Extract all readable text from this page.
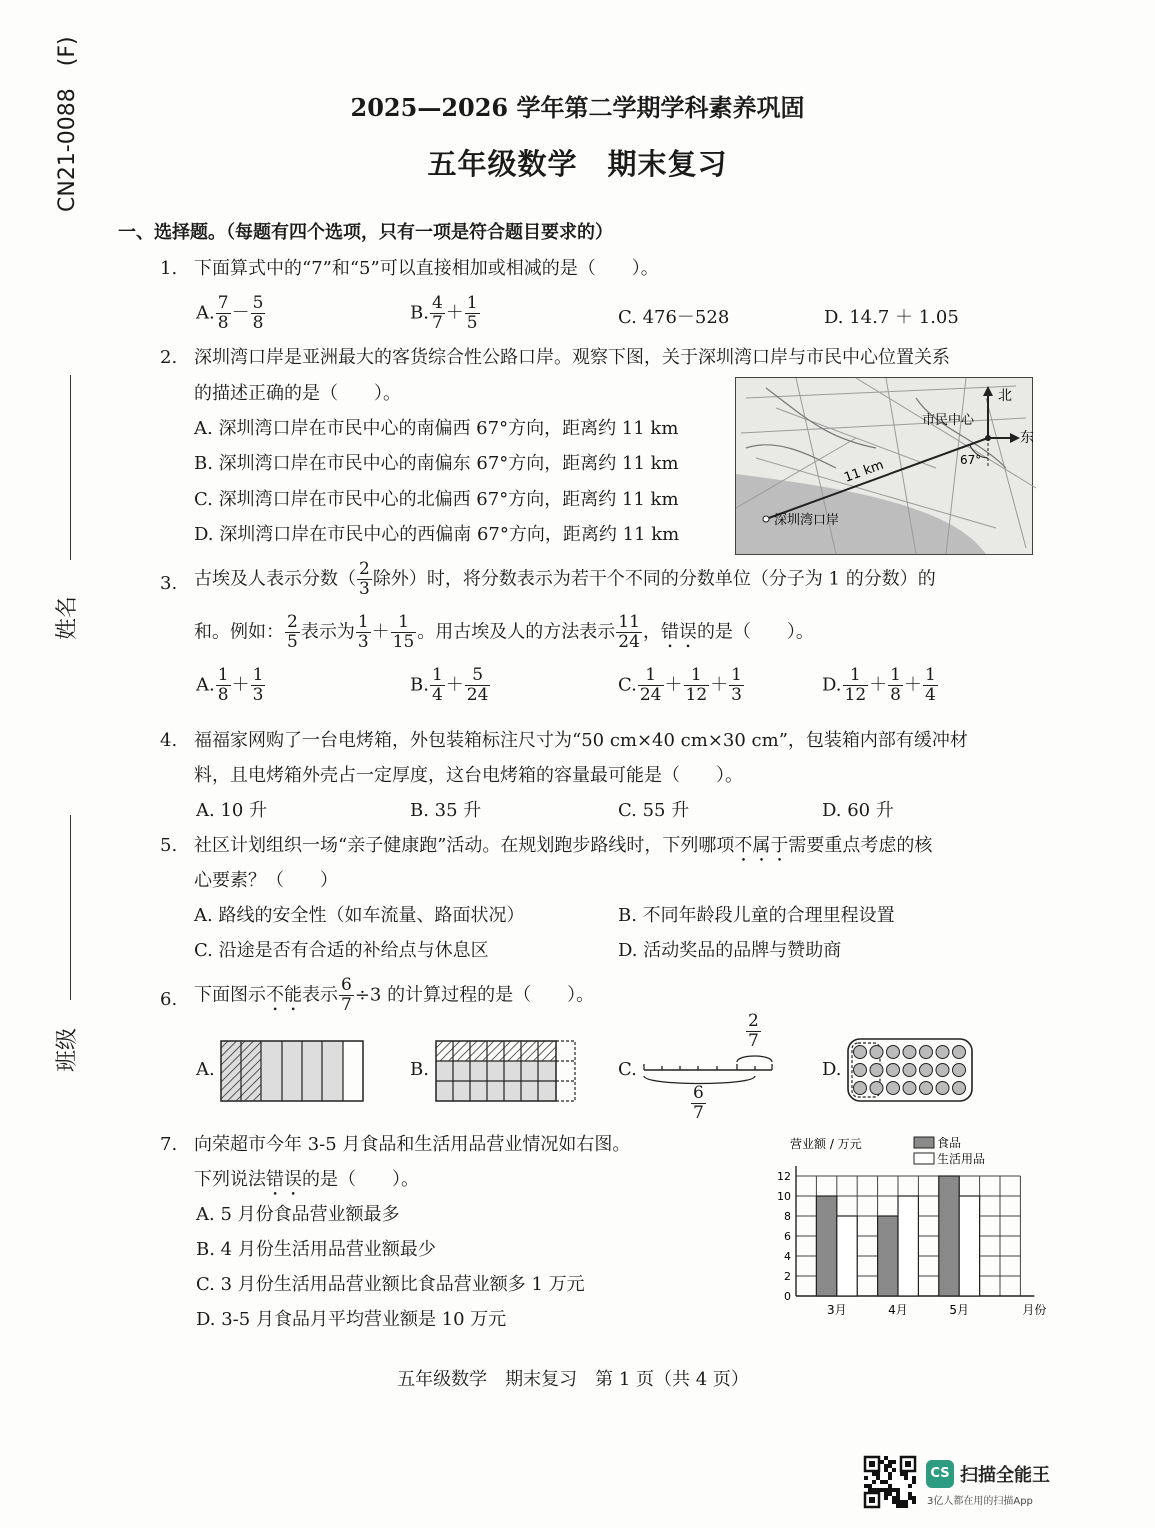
CN21-0088　(F)
姓名
班级
2025—2026 学年第二学期学科素养巩固
五年级数学　期末复习
一、选择题。（每题有四个选项，只有一项是符合题目要求的）
1. 下面算式中的“7”和“5”可以直接相加或相减的是（　　）。
A. $\frac{7}{8} - \frac{5}{8}$	B. $\frac{4}{7} + \frac{1}{5}$	C. 476－528	D. 14.7 ＋ 1.05
2. 深圳湾口岸是亚洲最大的客货综合性公路口岸。观察下图，关于深圳湾口岸与市民中心位置关系
的描述正确的是（　　）。
A. 深圳湾口岸在市民中心的南偏西 67°方向，距离约 11 km
B. 深圳湾口岸在市民中心的南偏东 67°方向，距离约 11 km
C. 深圳湾口岸在市民中心的北偏西 67°方向，距离约 11 km
D. 深圳湾口岸在市民中心的西偏南 67°方向，距离约 11 km
北
东
市民中心
67°
11 km
深圳湾口岸
3. 古埃及人表示分数（ $\frac{2}{3}$ 除外）时，将分数表示为若干个不同的分数单位（分子为 1 的分数）的
和。例如： $\frac{2}{5}$ 表示为 $\frac{1}{3} + \frac{1}{15}$ 。用古埃及人的方法表示 $\frac{11}{24}$ ，错误的是（　　）。
A. $\frac{1}{8} + \frac{1}{3}$	B. $\frac{1}{4} + \frac{5}{24}$	C. $\frac{1}{24} + \frac{1}{12} + \frac{1}{3}$	D. $\frac{1}{12} + \frac{1}{8} + \frac{1}{4}$
4. 福福家网购了一台电烤箱，外包装箱标注尺寸为“50 cm×40 cm×30 cm”，包装箱内部有缓冲材
料，且电烤箱外壳占一定厚度，这台电烤箱的容量最可能是（　　）。
A. 10 升	B. 35 升	C. 55 升	D. 60 升
5. 社区计划组织一场“亲子健康跑”活动。在规划跑步路线时，下列哪项不属于需要重点考虑的核
心要素？（　　）
A. 路线的安全性（如车流量、路面状况）	B. 不同年龄段儿童的合理里程设置
C. 沿途是否有合适的补给点与休息区	D. 活动奖品的品牌与赞助商
6. 下面图示不能表示 $\frac{6}{7} \div 3$ 的计算过程的是（　　）。
A.	B.	C.
$\frac{2}{7}$
$\frac{6}{7}$
D.
7. 向荣超市今年 3-5 月食品和生活用品营业情况如右图。
下列说法错误的是（　　）。
A. 5 月份食品营业额最多
B. 4 月份生活用品营业额最少
C. 3 月份生活用品营业额比食品营业额多 1 万元
D. 3-5 月食品月平均营业额是 10 万元
营业额 / 万元	食品
生活用品
0
2
4
6
8
10
12
3月	4月	5月	月份
五年级数学　期末复习　第 1 页（共 4 页）
CS 扫描全能王
3亿人都在用的扫描App
